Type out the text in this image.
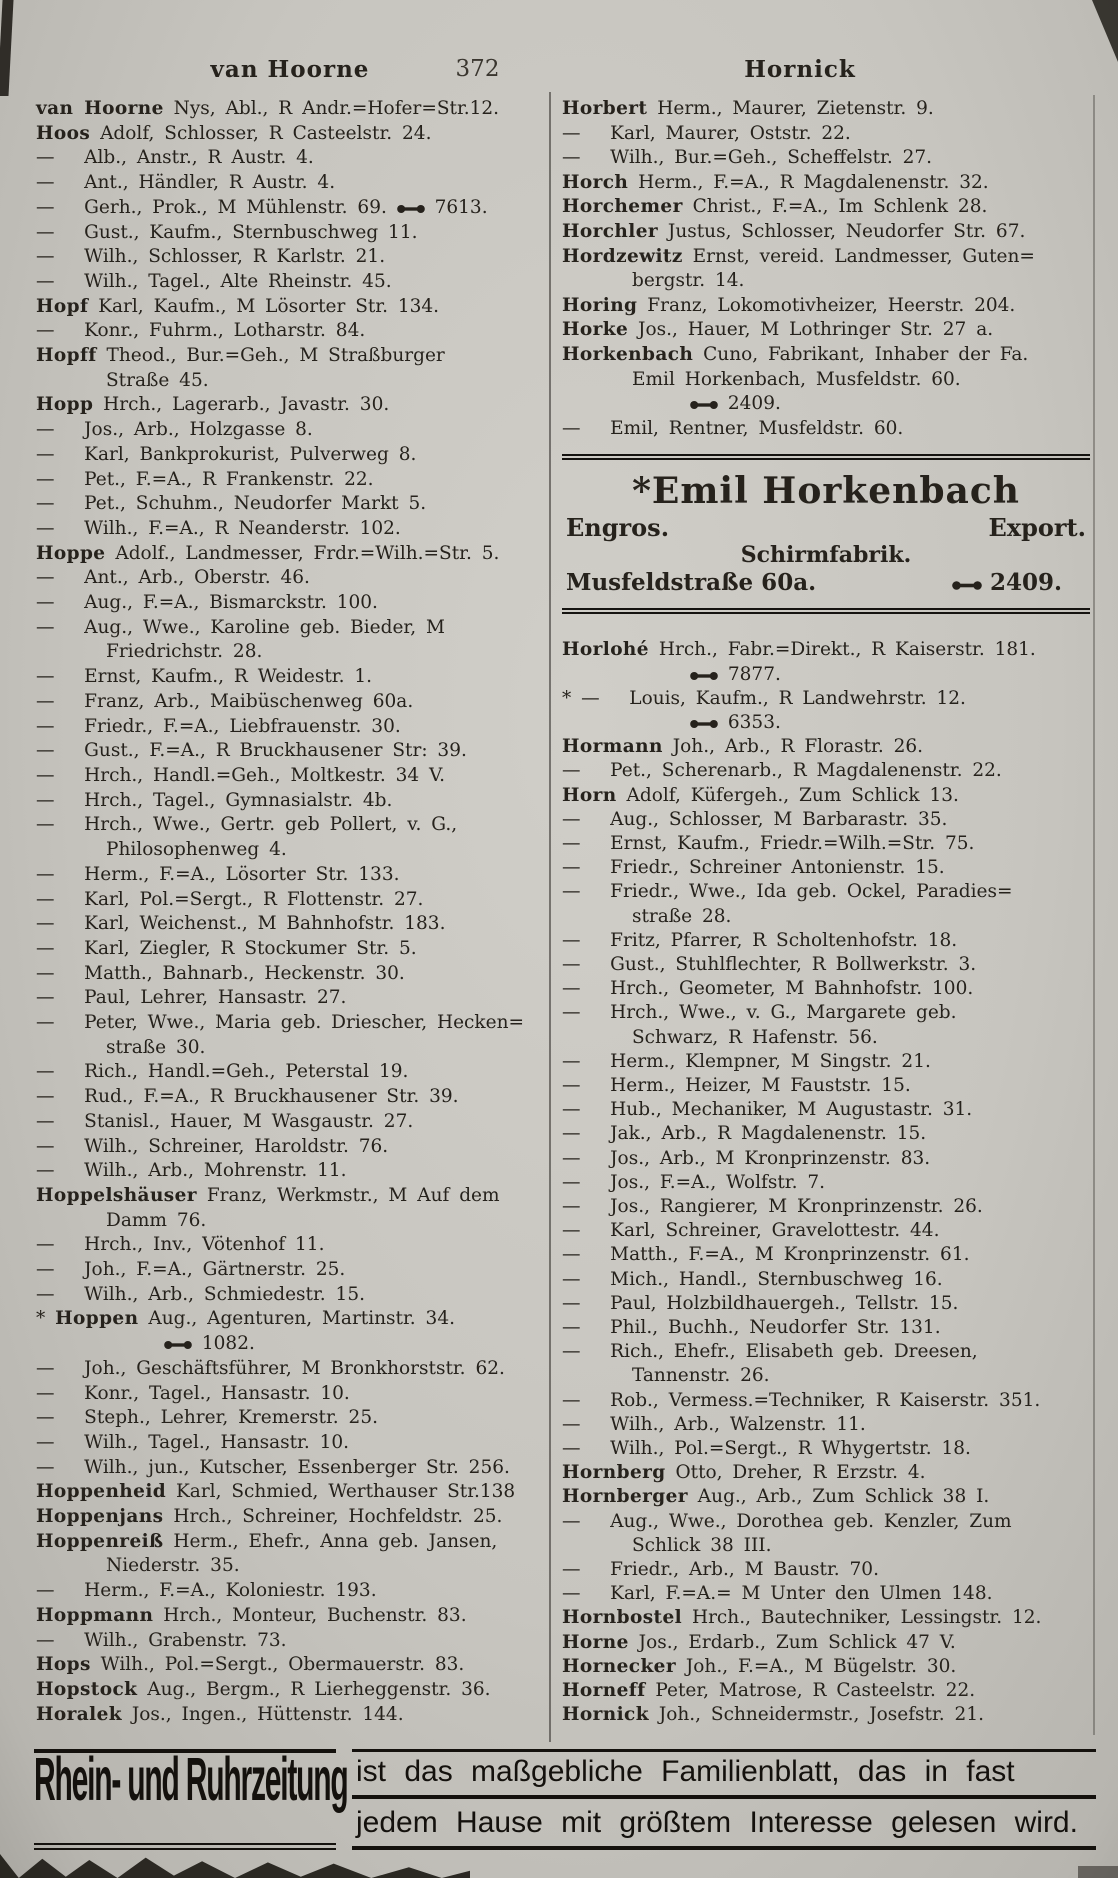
van Hoorne	372	Hornick
van Hoorne Nys, Abl., R Andr.=Hofer=Str.12.
Hoos Adolf, Schlosser, R Casteelstr. 24.
—   Alb., Anstr., R Austr. 4.
—   Ant., Händler, R Austr. 4.
—   Gerh., Prok., M Mühlenstr. 69.  7613.
—   Gust., Kaufm., Sternbuschweg 11.
—   Wilh., Schlosser, R Karlstr. 21.
—   Wilh., Tagel., Alte Rheinstr. 45.
Hopf Karl, Kaufm., M Lösorter Str. 134.
—   Konr., Fuhrm., Lotharstr. 84.
Hopff Theod., Bur.=Geh., M Straßburger
Straße 45.
Hopp Hrch., Lagerarb., Javastr. 30.
—   Jos., Arb., Holzgasse 8.
—   Karl, Bankprokurist, Pulverweg 8.
—   Pet., F.=A., R Frankenstr. 22.
—   Pet., Schuhm., Neudorfer Markt 5.
—   Wilh., F.=A., R Neanderstr. 102.
Hoppe Adolf., Landmesser, Frdr.=Wilh.=Str. 5.
—   Ant., Arb., Oberstr. 46.
—   Aug., F.=A., Bismarckstr. 100.
—   Aug., Wwe., Karoline geb. Bieder, M
Friedrichstr. 28.
—   Ernst, Kaufm., R Weidestr. 1.
—   Franz, Arb., Maibüschenweg 60a.
—   Friedr., F.=A., Liebfrauenstr. 30.
—   Gust., F.=A., R Bruckhausener Str: 39.
—   Hrch., Handl.=Geh., Moltkestr. 34 V.
—   Hrch., Tagel., Gymnasialstr. 4b.
—   Hrch., Wwe., Gertr. geb Pollert, v. G.,
Philosophenweg 4.
—   Herm., F.=A., Lösorter Str. 133.
—   Karl, Pol.=Sergt., R Flottenstr. 27.
—   Karl, Weichenst., M Bahnhofstr. 183.
—   Karl, Ziegler, R Stockumer Str. 5.
—   Matth., Bahnarb., Heckenstr. 30.
—   Paul, Lehrer, Hansastr. 27.
—   Peter, Wwe., Maria geb. Driescher, Hecken=
straße 30.
—   Rich., Handl.=Geh., Peterstal 19.
—   Rud., F.=A., R Bruckhausener Str. 39.
—   Stanisl., Hauer, M Wasgaustr. 27.
—   Wilh., Schreiner, Haroldstr. 76.
—   Wilh., Arb., Mohrenstr. 11.
Hoppelshäuser Franz, Werkmstr., M Auf dem
Damm 76.
—   Hrch., Inv., Vötenhof 11.
—   Joh., F.=A., Gärtnerstr. 25.
—   Wilh., Arb., Schmiedestr. 15.
* Hoppen Aug., Agenturen, Martinstr. 34.
1082.
—   Joh., Geschäftsführer, M Bronkhorststr. 62.
—   Konr., Tagel., Hansastr. 10.
—   Steph., Lehrer, Kremerstr. 25.
—   Wilh., Tagel., Hansastr. 10.
—   Wilh., jun., Kutscher, Essenberger Str. 256.
Hoppenheid Karl, Schmied, Werthauser Str.138
Hoppenjans Hrch., Schreiner, Hochfeldstr. 25.
Hoppenreiß Herm., Ehefr., Anna geb. Jansen,
Niederstr. 35.
—   Herm., F.=A., Koloniestr. 193.
Hoppmann Hrch., Monteur, Buchenstr. 83.
—   Wilh., Grabenstr. 73.
Hops Wilh., Pol.=Sergt., Obermauerstr. 83.
Hopstock Aug., Bergm., R Lierheggenstr. 36.
Horalek Jos., Ingen., Hüttenstr. 144.
Horbert Herm., Maurer, Zietenstr. 9.
—   Karl, Maurer, Oststr. 22.
—   Wilh., Bur.=Geh., Scheffelstr. 27.
Horch Herm., F.=A., R Magdalenenstr. 32.
Horchemer Christ., F.=A., Im Schlenk 28.
Horchler Justus, Schlosser, Neudorfer Str. 67.
Hordzewitz Ernst, vereid. Landmesser, Guten=
bergstr. 14.
Horing Franz, Lokomotivheizer, Heerstr. 204.
Horke Jos., Hauer, M Lothringer Str. 27 a.
Horkenbach Cuno, Fabrikant, Inhaber der Fa.
Emil Horkenbach, Musfeldstr. 60.
2409.
—   Emil, Rentner, Musfeldstr. 60.
*Emil Horkenbach
Engros.	Export.
Schirmfabrik.
Musfeldstraße 60a.	2409.
Horlohé Hrch., Fabr.=Direkt., R Kaiserstr. 181.
7877.
* —   Louis, Kaufm., R Landwehrstr. 12.
6353.
Hormann Joh., Arb., R Florastr. 26.
—   Pet., Scherenarb., R Magdalenenstr. 22.
Horn Adolf, Küfergeh., Zum Schlick 13.
—   Aug., Schlosser, M Barbarastr. 35.
—   Ernst, Kaufm., Friedr.=Wilh.=Str. 75.
—   Friedr., Schreiner Antonienstr. 15.
—   Friedr., Wwe., Ida geb. Ockel, Paradies=
straße 28.
—   Fritz, Pfarrer, R Scholtenhofstr. 18.
—   Gust., Stuhlflechter, R Bollwerkstr. 3.
—   Hrch., Geometer, M Bahnhofstr. 100.
—   Hrch., Wwe., v. G., Margarete geb.
Schwarz, R Hafenstr. 56.
—   Herm., Klempner, M Singstr. 21.
—   Herm., Heizer, M Fauststr. 15.
—   Hub., Mechaniker, M Augustastr. 31.
—   Jak., Arb., R Magdalenenstr. 15.
—   Jos., Arb., M Kronprinzenstr. 83.
—   Jos., F.=A., Wolfstr. 7.
—   Jos., Rangierer, M Kronprinzenstr. 26.
—   Karl, Schreiner, Gravelottestr. 44.
—   Matth., F.=A., M Kronprinzenstr. 61.
—   Mich., Handl., Sternbuschweg 16.
—   Paul, Holzbildhauergeh., Tellstr. 15.
—   Phil., Buchh., Neudorfer Str. 131.
—   Rich., Ehefr., Elisabeth geb. Dreesen,
Tannenstr. 26.
—   Rob., Vermess.=Techniker, R Kaiserstr. 351.
—   Wilh., Arb., Walzenstr. 11.
—   Wilh., Pol.=Sergt., R Whygertstr. 18.
Hornberg Otto, Dreher, R Erzstr. 4.
Hornberger Aug., Arb., Zum Schlick 38 I.
—   Aug., Wwe., Dorothea geb. Kenzler, Zum
Schlick 38 III.
—   Friedr., Arb., M Baustr. 70.
—   Karl, F.=A.= M Unter den Ulmen 148.
Hornbostel Hrch., Bautechniker, Lessingstr. 12.
Horne Jos., Erdarb., Zum Schlick 47 V.
Hornecker Joh., F.=A., M Bügelstr. 30.
Horneff Peter, Matrose, R Casteelstr. 22.
Hornick Joh., Schneidermstr., Josefstr. 21.
Rhein- und Ruhrzeitung ist das maßgebliche Familienblatt, das in fast
jedem Hause mit größtem Interesse gelesen wird.
